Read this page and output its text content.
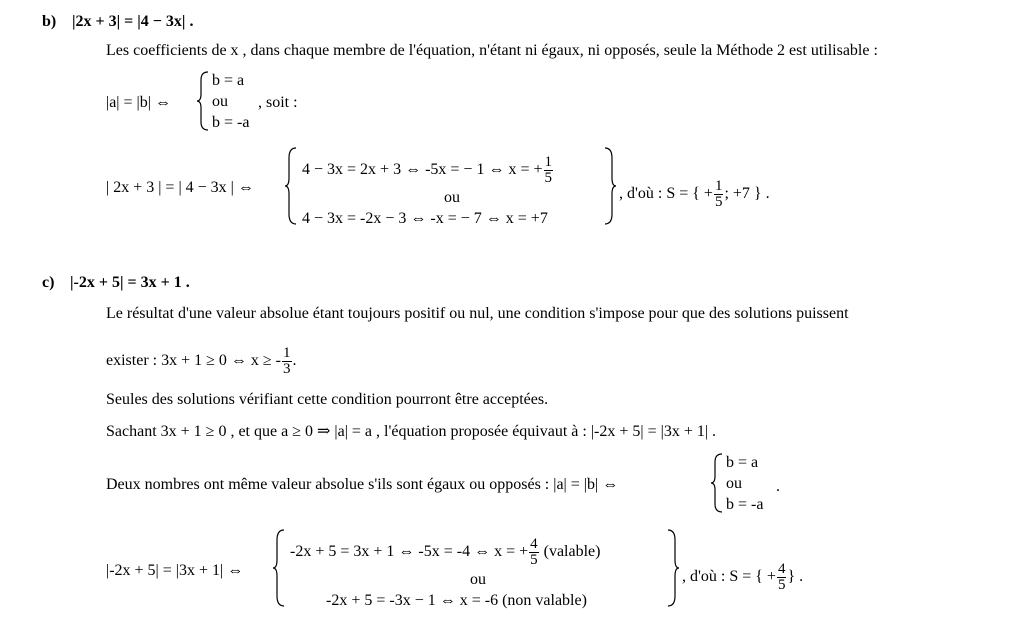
b) |2x + 3| = |4 − 3x| .
Les coefficients de x , dans chaque membre de l'équation, n'étant ni égaux, ni opposés, seule la Méthode 2 est utilisable :
|a| = |b| ⇔
b = a
ou
b = -a
, soit :
| 2x + 3 | = | 4 − 3x | ⇔
4 − 3x = 2x + 3 ⇔ -5x = − 1 ⇔ x = + $\frac{1}{5}$
ou
4 − 3x = -2x − 3 ⇔ -x = − 7 ⇔ x = +7
, d'où : S = { + $\frac{1}{5}$ ; +7 } .
c) |-2x + 5| = 3x + 1 .
Le résultat d'une valeur absolue étant toujours positif ou nul, une condition s'impose pour que des solutions puissent
exister : 3x + 1 ≥ 0 ⇔ x ≥ - $\frac{1}{3}$ .
Seules des solutions vérifiant cette condition pourront être acceptées.
Sachant 3x + 1 ≥ 0 , et que a ≥ 0 ⇒ |a| = a , l'équation proposée équivaut à : |-2x + 5| = |3x + 1| .
Deux nombres ont même valeur absolue s'ils sont égaux ou opposés : |a| = |b| ⇔
b = a
ou
b = -a
.
|-2x + 5| = |3x + 1| ⇔
-2x + 5 = 3x + 1 ⇔ -5x = -4 ⇔ x = + $\frac{4}{5}$ (valable)
ou
-2x + 5 = -3x − 1 ⇔ x = -6 (non valable)
, d'où : S = { + $\frac{4}{5}$ } .
